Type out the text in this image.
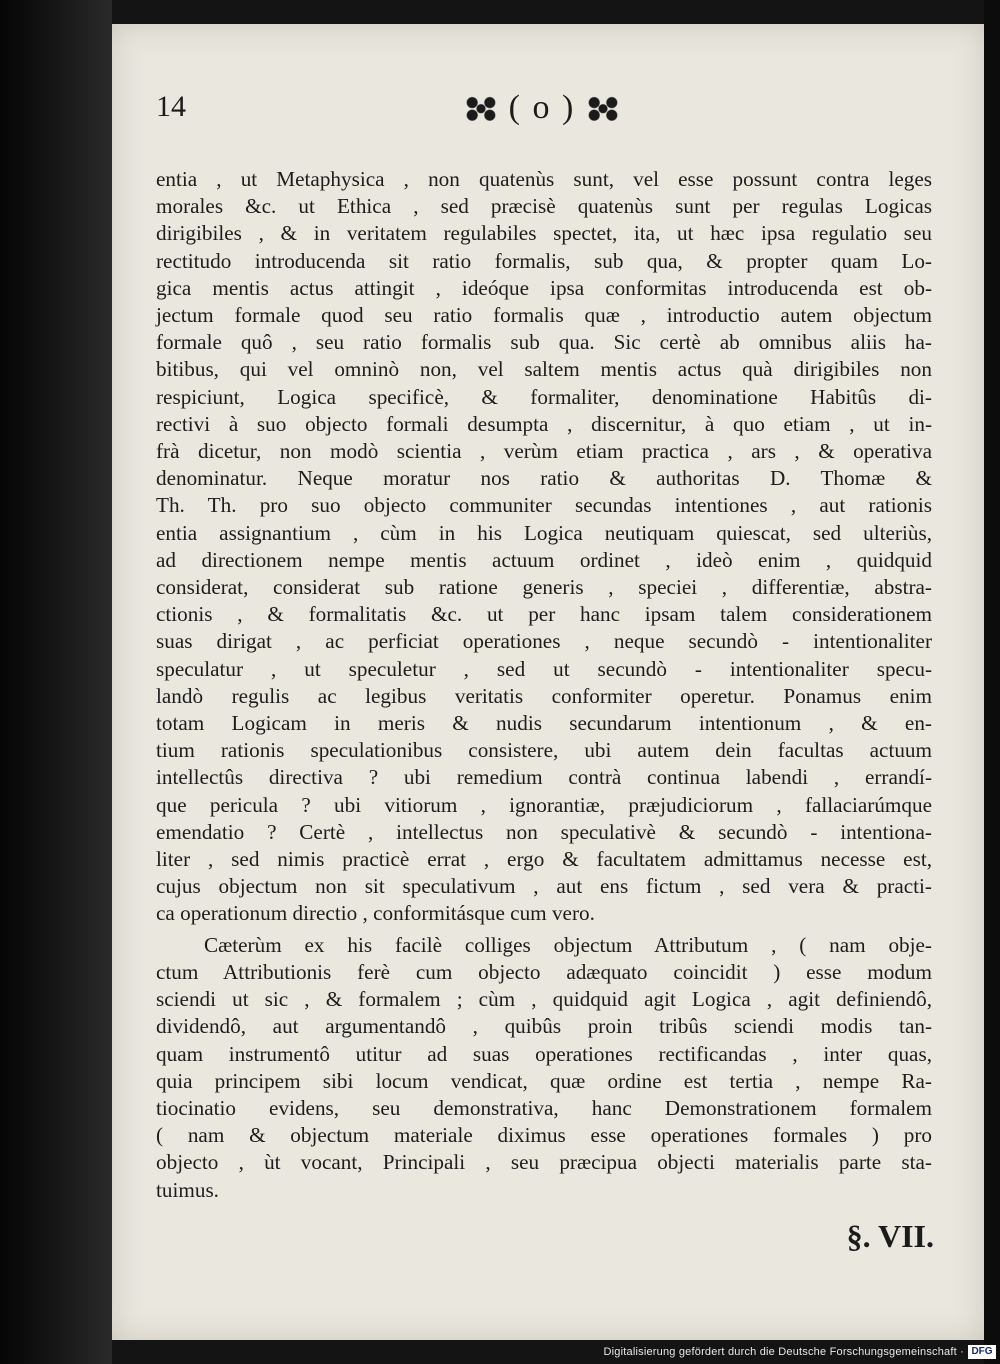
14	( o )
entia , ut Metaphysica , non quatenùs sunt, vel esse possunt contra leges
morales &c. ut Ethica , sed præcisè quatenùs sunt per regulas Logicas
dirigibiles , & in veritatem regulabiles spectet, ita, ut hæc ipsa regulatio seu
rectitudo introducenda sit ratio formalis, sub qua, & propter quam Lo-
gica mentis actus attingit , ideóque ipsa conformitas introducenda est ob-
jectum formale quod seu ratio formalis quæ , introductio autem objectum
formale quô , seu ratio formalis sub qua. Sic certè ab omnibus aliis ha-
bitibus, qui vel omninò non, vel saltem mentis actus quà dirigibiles non
respiciunt, Logica specificè, & formaliter, denominatione Habitûs di-
rectivi à suo objecto formali desumpta , discernitur, à quo etiam , ut in-
frà dicetur, non modò scientia , verùm etiam practica , ars , & operativa
denominatur. Neque moratur nos ratio & authoritas D. Thomæ &
Th. Th. pro suo objecto communiter secundas intentiones , aut rationis
entia assignantium , cùm in his Logica neutiquam quiescat, sed ulteriùs,
ad directionem nempe mentis actuum ordinet , ideò enim , quidquid
considerat, considerat sub ratione generis , speciei , differentiæ, abstra-
ctionis , & formalitatis &c. ut per hanc ipsam talem considerationem
suas dirigat , ac perficiat operationes , neque secundò - intentionaliter
speculatur , ut speculetur , sed ut secundò - intentionaliter specu-
landò regulis ac legibus veritatis conformiter operetur. Ponamus enim
totam Logicam in meris & nudis secundarum intentionum , & en-
tium rationis speculationibus consistere, ubi autem dein facultas actuum
intellectûs directiva ? ubi remedium contrà continua labendi , errandí-
que pericula ? ubi vitiorum , ignorantiæ, præjudiciorum , fallaciarúmque
emendatio ? Certè , intellectus non speculativè & secundò - intentiona-
liter , sed nimis practicè errat , ergo & facultatem admittamus necesse est,
cujus objectum non sit speculativum , aut ens fictum , sed vera & practi-
ca operationum directio , conformitásque cum vero.
Cæterùm ex his facilè colliges objectum Attributum , ( nam obje-
ctum Attributionis ferè cum objecto adæquato coincidit ) esse modum
sciendi ut sic , & formalem ; cùm , quidquid agit Logica , agit definiendô,
dividendô, aut argumentandô , quibûs proin tribûs sciendi modis tan-
quam instrumentô utitur ad suas operationes rectificandas , inter quas,
quia principem sibi locum vendicat, quæ ordine est tertia , nempe Ra-
tiocinatio evidens, seu demonstrativa, hanc Demonstrationem formalem
( nam & objectum materiale diximus esse operationes formales ) pro
objecto , ùt vocant, Principali , seu præcipua objecti materialis parte sta-
tuimus.
§. VII.
Digitalisierung gefördert durch die Deutsche Forschungsgemeinschaft · DFG
